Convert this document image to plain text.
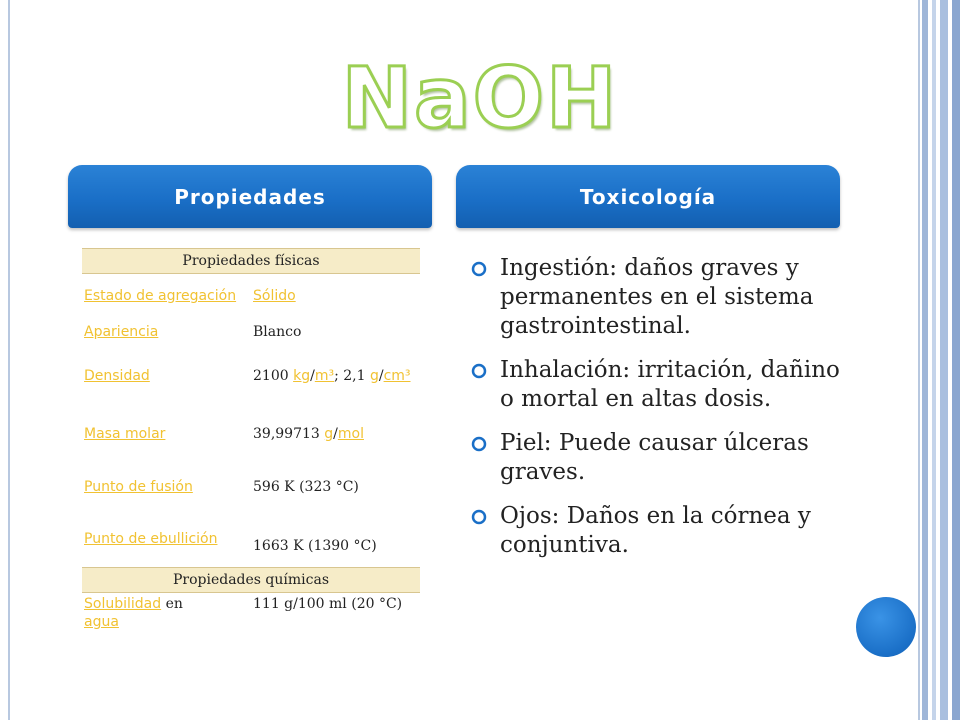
NaOH
Propiedades	Toxicología
Propiedades físicas	
Estado de agregación	Sólido
Apariencia	Blanco
Densidad	2100 kg/m³; 2,1 g/cm³
Masa molar	39,99713 g/mol
Punto de fusión	596 K (323 °C)
Punto de ebullición	1663 K (1390 °C)
Propiedades químicas	
Solubilidad en
agua	111 g/100 ml (20 °C)
Ingestión: daños graves y permanentes en el sistema gastrointestinal.
Inhalación: irritación, dañino o mortal en altas dosis.
Piel: Puede causar úlceras graves.
Ojos: Daños en la córnea y conjuntiva.
